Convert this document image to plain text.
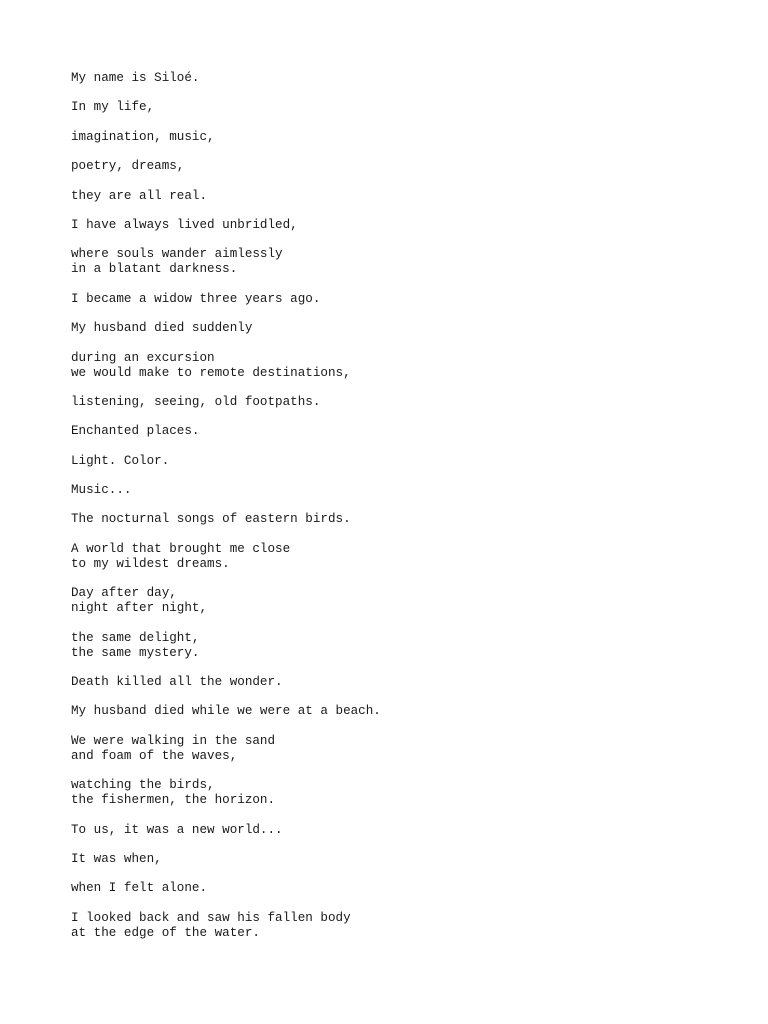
My name is Siloé.
In my life,
imagination, music,
poetry, dreams,
they are all real.
I have always lived unbridled,
where souls wander aimlessly
in a blatant darkness.
I became a widow three years ago.
My husband died suddenly
during an excursion
we would make to remote destinations,
listening, seeing, old footpaths.
Enchanted places.
Light. Color.
Music...
The nocturnal songs of eastern birds.
A world that brought me close
to my wildest dreams.
Day after day,
night after night,
the same delight,
the same mystery.
Death killed all the wonder.
My husband died while we were at a beach.
We were walking in the sand
and foam of the waves,
watching the birds,
the fishermen, the horizon.
To us, it was a new world...
It was when,
when I felt alone.
I looked back and saw his fallen body
at the edge of the water.
